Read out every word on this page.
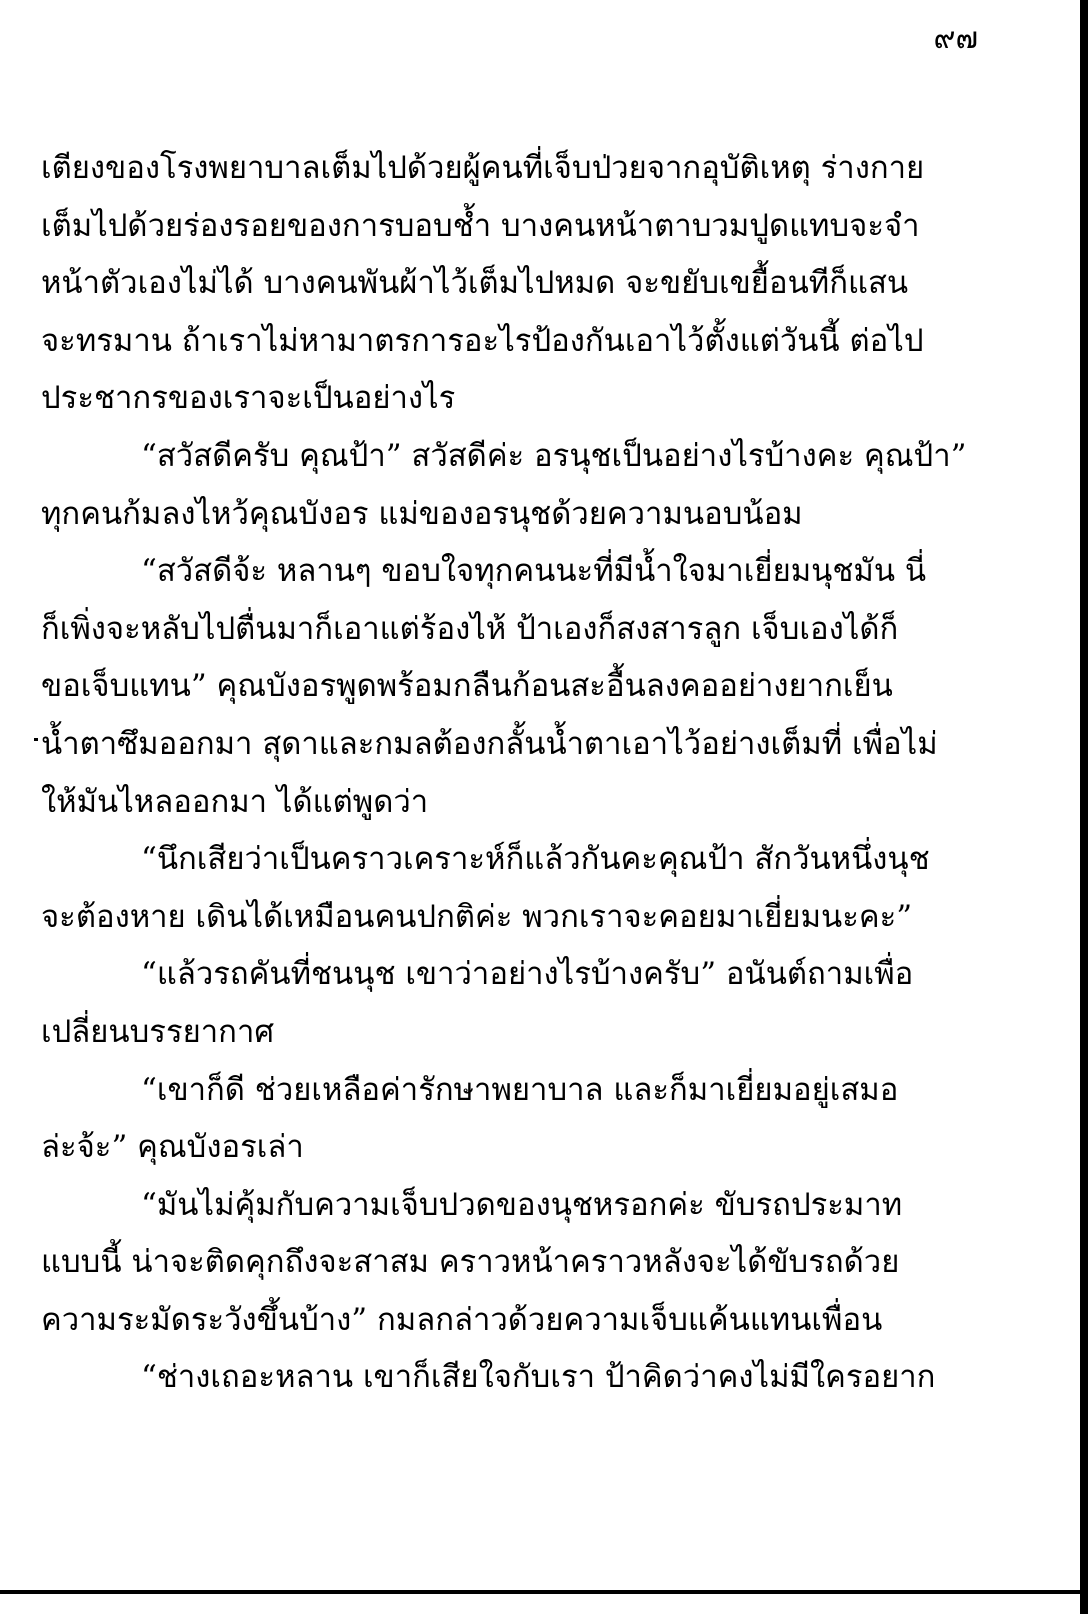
๙๗

เตียงของโรงพยาบาลเต็มไปด้วยผู้คนที่เจ็บป่วยจากอุบัติเหตุ ร่างกาย
เต็มไปด้วยร่องรอยของการบอบช้ำ บางคนหน้าตาบวมปูดแทบจะจำ
หน้าตัวเองไม่ได้ บางคนพันผ้าไว้เต็มไปหมด จะขยับเขยื้อนทีก็แสน
จะทรมาน ถ้าเราไม่หามาตรการอะไรป้องกันเอาไว้ตั้งแต่วันนี้ ต่อไป
ประชากรของเราจะเป็นอย่างไร

“สวัสดีครับ คุณป้า” สวัสดีค่ะ อรนุชเป็นอย่างไรบ้างคะ คุณป้า”
ทุกคนก้มลงไหว้คุณบังอร แม่ของอรนุชด้วยความนอบน้อม

“สวัสดีจ้ะ หลานๆ ขอบใจทุกคนนะที่มีน้ำใจมาเยี่ยมนุชมัน นี่
ก็เพิ่งจะหลับไปตื่นมาก็เอาแต่ร้องไห้ ป้าเองก็สงสารลูก เจ็บเองได้ก็
ขอเจ็บแทน” คุณบังอรพูดพร้อมกลืนก้อนสะอื้นลงคออย่างยากเย็น
น้ำตาซึมออกมา สุดาและกมลต้องกลั้นน้ำตาเอาไว้อย่างเต็มที่ เพื่อไม่
ให้มันไหลออกมา ได้แต่พูดว่า

“นึกเสียว่าเป็นคราวเคราะห์ก็แล้วกันคะคุณป้า สักวันหนึ่งนุช
จะต้องหาย เดินได้เหมือนคนปกติค่ะ พวกเราจะคอยมาเยี่ยมนะคะ”

“แล้วรถคันที่ชนนุช เขาว่าอย่างไรบ้างครับ” อนันต์ถามเพื่อ
เปลี่ยนบรรยากาศ

“เขาก็ดี ช่วยเหลือค่ารักษาพยาบาล และก็มาเยี่ยมอยู่เสมอ
ล่ะจ้ะ” คุณบังอรเล่า

“มันไม่คุ้มกับความเจ็บปวดของนุชหรอกค่ะ ขับรถประมาท
แบบนี้ น่าจะติดคุกถึงจะสาสม คราวหน้าคราวหลังจะได้ขับรถด้วย
ความระมัดระวังขึ้นบ้าง” กมลกล่าวด้วยความเจ็บแค้นแทนเพื่อน

“ช่างเถอะหลาน เขาก็เสียใจกับเรา ป้าคิดว่าคงไม่มีใครอยาก
